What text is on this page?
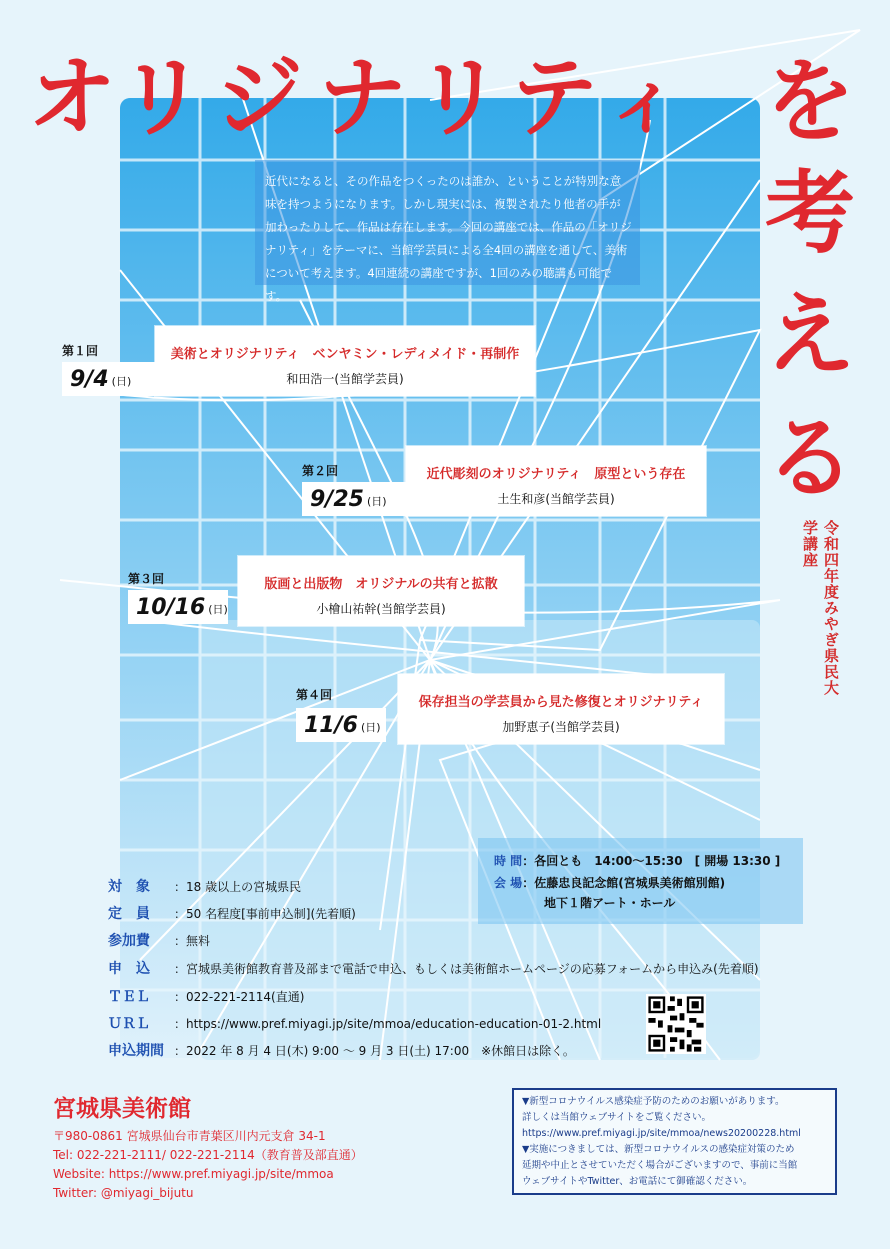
オ リ ジ ナ リ テ ィ を
考
え
る
令和四年度みやぎ県民大学講座
近代になると、その作品をつくったのは誰か、ということが特別な意味を持つようになります。しかし現実には、複製されたり他者の手が加わったりして、作品は存在します。今回の講座では、作品の「オリジナリティ」をテーマに、当館学芸員による全4回の講座を通して、美術について考えます。4回連続の講座ですが、1回のみの聴講も可能です。
第１回
9/4 (日)
美術とオリジナリティ　ベンヤミン・レディメイド・再制作
和田浩一(当館学芸員)
第２回
9/25 (日)
近代彫刻のオリジナリティ　原型という存在
土生和彦(当館学芸員)
第３回
10/16 (日)
版画と出版物　オリジナルの共有と拡散
小檜山祐幹(当館学芸員)
第４回
11/6 (日)
保存担当の学芸員から見た修復とオリジナリティ
加野恵子(当館学芸員)
時 間：各回とも　14:00〜15:30　[ 開場 13:30 ]
会 場：佐藤忠良記念館(宮城県美術館別館)
地下１階アート・ホール
対　象 ：18 歳以上の宮城県民
定　員 ：50 名程度[事前申込制](先着順)
参加費 ：無料
申　込 ：宮城県美術館教育普及部まで電話で申込、もしくは美術館ホームページの応募フォームから申込み(先着順)
ＴＥＬ ：022-221-2114(直通)
ＵＲＬ ：https://www.pref.miyagi.jp/site/mmoa/education-education-01-2.html
申込期間 ：2022 年 8 月 4 日(木) 9:00 〜 9 月 3 日(土) 17:00　※休館日は除く。
宮城県美術館
〒980-0861 宮城県仙台市青葉区川内元支倉 34-1
Tel: 022-221-2111/ 022-221-2114（教育普及部直通）
Website: https://www.pref.miyagi.jp/site/mmoa
Twitter: @miyagi_bijutu
▼新型コロナウイルス感染症予防のためのお願いがあります。
詳しくは当館ウェブサイトをご覧ください。
https://www.pref.miyagi.jp/site/mmoa/news20200228.html
▼実施につきましては、新型コロナウイルスの感染症対策のため
延期や中止とさせていただく場合がございますので、事前に当館
ウェブサイトやTwitter、お電話にて御確認ください。
